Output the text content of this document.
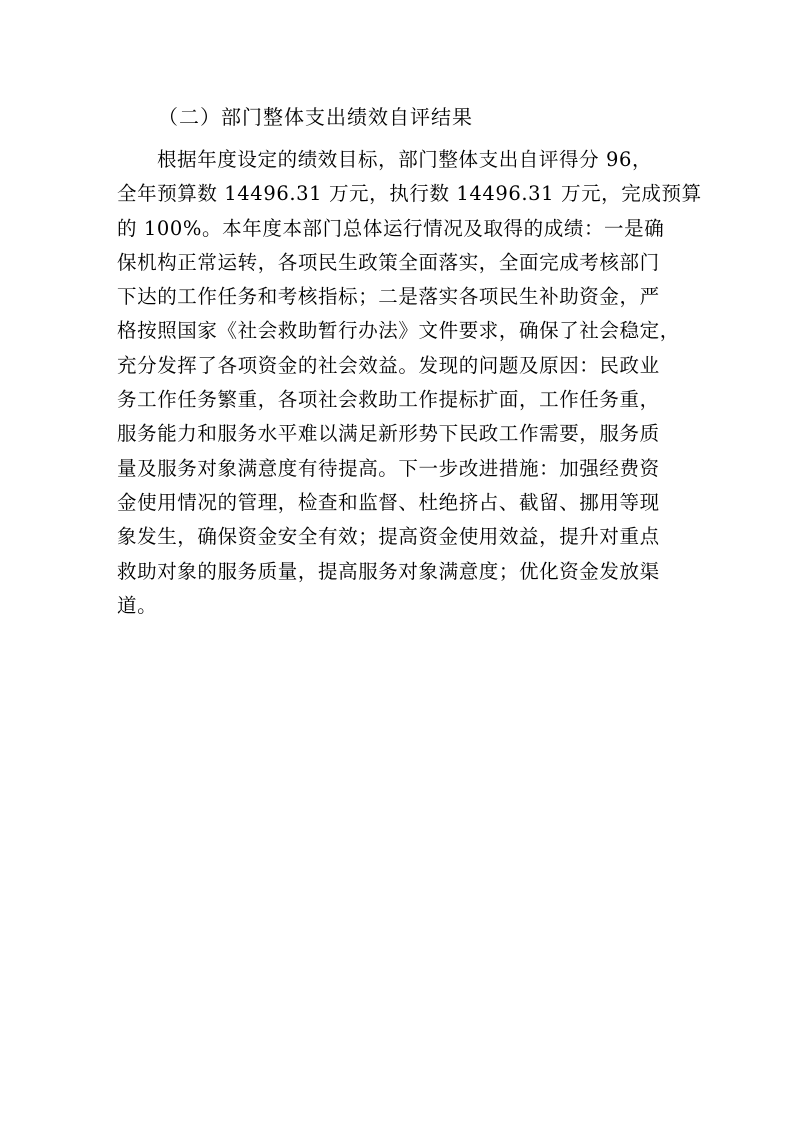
（二）部门整体支出绩效自评结果
根据年度设定的绩效目标，部门整体支出自评得分 96，
全年预算数 14496.31 万元，执行数 14496.31 万元，完成预算
的 100%。本年度本部门总体运行情况及取得的成绩：一是确
保机构正常运转，各项民生政策全面落实，全面完成考核部门
下达的工作任务和考核指标；二是落实各项民生补助资金，严
格按照国家《社会救助暂行办法》文件要求，确保了社会稳定，
充分发挥了各项资金的社会效益。发现的问题及原因：民政业
务工作任务繁重，各项社会救助工作提标扩面，工作任务重，
服务能力和服务水平难以满足新形势下民政工作需要，服务质
量及服务对象满意度有待提高。下一步改进措施：加强经费资
金使用情况的管理，检查和监督、杜绝挤占、截留、挪用等现
象发生，确保资金安全有效；提高资金使用效益，提升对重点
救助对象的服务质量，提高服务对象满意度；优化资金发放渠
道。
